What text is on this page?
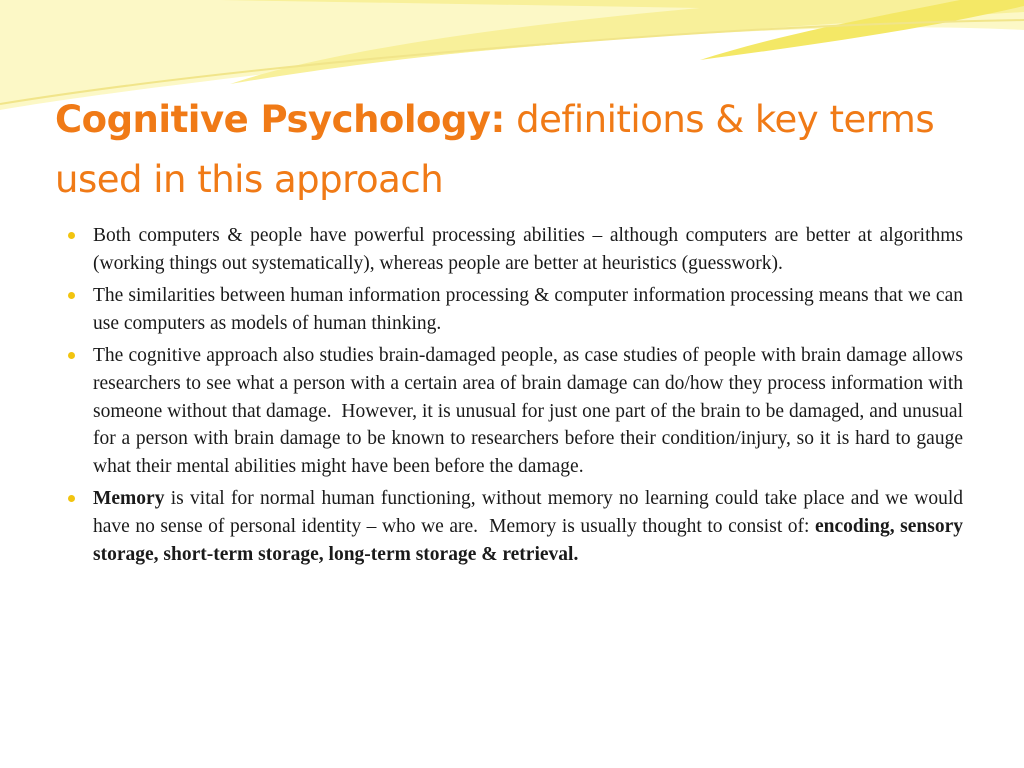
Cognitive Psychology: definitions & key terms used in this approach
Both computers & people have powerful processing abilities – although computers are better at algorithms (working things out systematically), whereas people are better at heuristics (guesswork).
The similarities between human information processing & computer information processing means that we can use computers as models of human thinking.
The cognitive approach also studies brain-damaged people, as case studies of people with brain damage allows researchers to see what a person with a certain area of brain damage can do/how they process information with someone without that damage.  However, it is unusual for just one part of the brain to be damaged, and unusual for a person with brain damage to be known to researchers before their condition/injury, so it is hard to gauge what their mental abilities might have been before the damage.
Memory is vital for normal human functioning, without memory no learning could take place and we would have no sense of personal identity – who we are.  Memory is usually thought to consist of: encoding, sensory storage, short-term storage, long-term storage & retrieval.
